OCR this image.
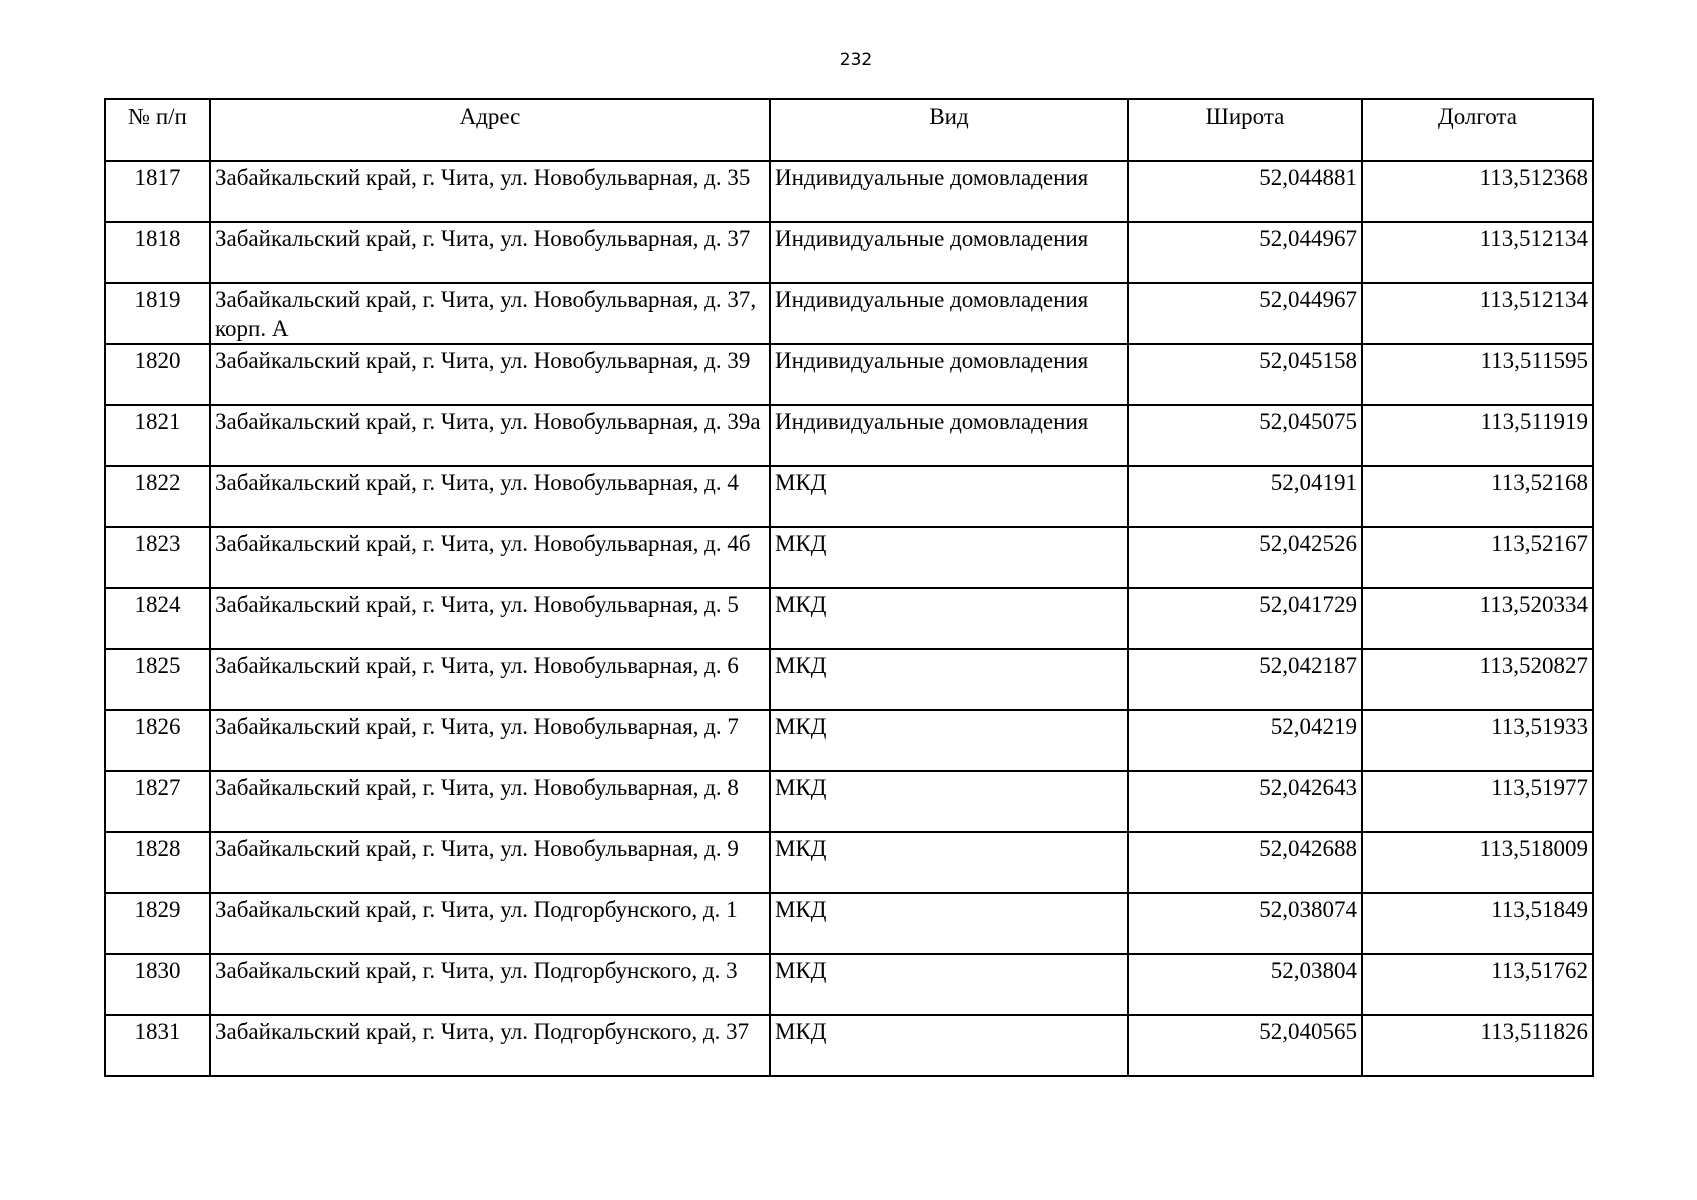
232
№ п/п	Адрес	Вид	Широта	Долгота
1817	Забайкальский край, г. Чита, ул. Новобульварная, д. 35	Индивидуальные домовладения	52,044881	113,512368
1818	Забайкальский край, г. Чита, ул. Новобульварная, д. 37	Индивидуальные домовладения	52,044967	113,512134
1819	Забайкальский край, г. Чита, ул. Новобульварная, д. 37, корп. А	Индивидуальные домовладения	52,044967	113,512134
1820	Забайкальский край, г. Чита, ул. Новобульварная, д. 39	Индивидуальные домовладения	52,045158	113,511595
1821	Забайкальский край, г. Чита, ул. Новобульварная, д. 39а	Индивидуальные домовладения	52,045075	113,511919
1822	Забайкальский край, г. Чита, ул. Новобульварная, д. 4	МКД	52,04191	113,52168
1823	Забайкальский край, г. Чита, ул. Новобульварная, д. 4б	МКД	52,042526	113,52167
1824	Забайкальский край, г. Чита, ул. Новобульварная, д. 5	МКД	52,041729	113,520334
1825	Забайкальский край, г. Чита, ул. Новобульварная, д. 6	МКД	52,042187	113,520827
1826	Забайкальский край, г. Чита, ул. Новобульварная, д. 7	МКД	52,04219	113,51933
1827	Забайкальский край, г. Чита, ул. Новобульварная, д. 8	МКД	52,042643	113,51977
1828	Забайкальский край, г. Чита, ул. Новобульварная, д. 9	МКД	52,042688	113,518009
1829	Забайкальский край, г. Чита, ул. Подгорбунского, д. 1	МКД	52,038074	113,51849
1830	Забайкальский край, г. Чита, ул. Подгорбунского, д. 3	МКД	52,03804	113,51762
1831	Забайкальский край, г. Чита, ул. Подгорбунского, д. 37	МКД	52,040565	113,511826
